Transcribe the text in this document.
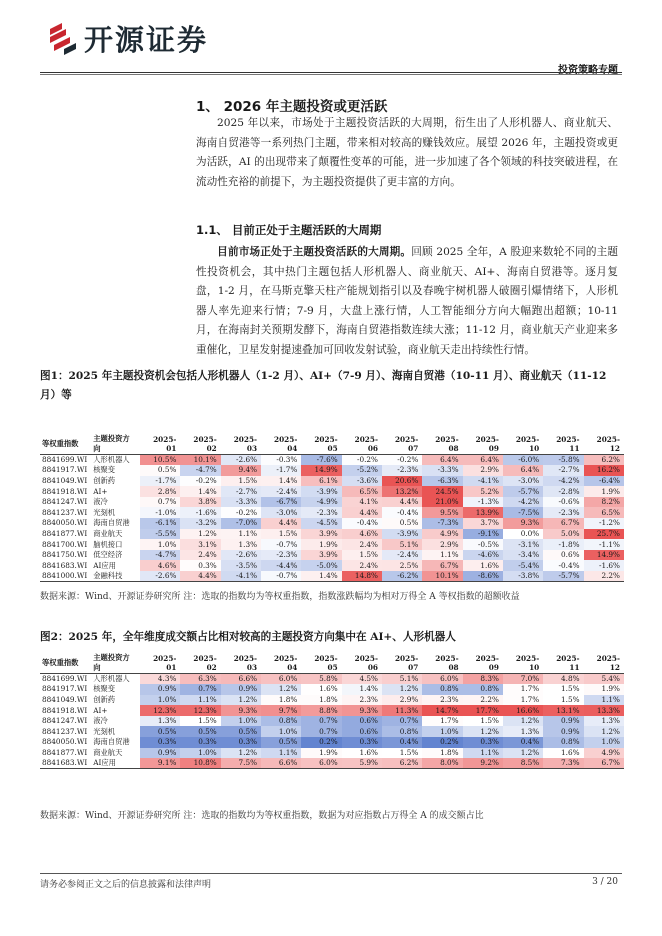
开源证券
投资策略专题
1、 2026 年主题投资或更活跃
2025 年以来，市场处于主题投资活跃的大周期，衍生出了人形机器人、商业航天、海南自贸港等一系列热门主题，带来相对较高的赚钱效应。展望 2026 年，主题投资或更为活跃，AI 的出现带来了颠覆性变革的可能，进一步加速了各个领域的科技突破进程，在流动性充裕的前提下，为主题投资提供了更丰富的方向。
1.1、 目前正处于主题活跃的大周期
目前市场正处于主题投资活跃的大周期。回顾 2025 全年，A 股迎来数轮不同的主题性投资机会，其中热门主题包括人形机器人、商业航天、AI+、海南自贸港等。逐月复盘，1-2 月，在马斯克擎天柱产能规划指引以及春晚宇树机器人破圈引爆情绪下，人形机器人率先迎来行情；7-9 月，大盘上涨行情，人工智能细分方向大幅跑出超额；10-11 月，在海南封关预期发酵下，海南自贸港指数连续大涨；11-12 月，商业航天产业迎来多重催化，卫星发射提速叠加可回收发射试验，商业航天走出持续性行情。
图1：2025 年主题投资机会包括人形机器人（1-2 月）、AI+（7-9 月）、海南自贸港（10-11 月）、商业航天（11-12 月）等
等权重指数	主题投资方向	2025-01	2025-02	2025-03	2025-04	2025-05	2025-06	2025-07	2025-08	2025-09	2025-10	2025-11	2025-12
8841699.WI	人形机器人	10.5%	10.1%	-2.6%	-0.3%	-7.6%	-0.2%	-0.2%	6.4%	6.4%	-6.0%	-5.8%	6.2%
8841917.WI	核聚变	0.5%	-4.7%	9.4%	-1.7%	14.9%	-5.2%	-2.3%	-3.3%	2.9%	6.4%	-2.7%	16.2%
8841049.WI	创新药	-1.7%	-0.2%	1.5%	1.4%	6.1%	-3.6%	20.6%	-6.3%	-4.1%	-3.0%	-4.2%	-6.4%
8841918.WI	AI+	2.8%	1.4%	-2.7%	-2.4%	-3.9%	6.5%	13.2%	24.5%	5.2%	-5.7%	-2.8%	1.9%
8841247.WI	液冷	0.7%	3.8%	-3.3%	-6.7%	-4.9%	4.1%	4.4%	21.0%	-1.3%	-4.2%	-0.6%	8.2%
8841237.WI	光刻机	-1.0%	-1.6%	-0.2%	-3.0%	-2.3%	4.4%	-0.4%	9.5%	13.9%	-7.5%	-2.3%	6.5%
8840050.WI	海南自贸港	-6.1%	-3.2%	-7.0%	4.4%	-4.5%	-0.4%	0.5%	-7.3%	3.7%	9.3%	6.7%	-1.2%
8841877.WI	商业航天	-5.5%	1.2%	1.1%	1.5%	3.9%	4.6%	-3.9%	4.9%	-9.1%	0.0%	5.0%	25.7%
8841700.WI	脑机接口	1.0%	3.1%	1.3%	-0.7%	1.9%	2.4%	5.1%	2.9%	-0.5%	-3.1%	-1.8%	-1.1%
8841750.WI	低空经济	-4.7%	2.4%	-2.6%	-2.3%	3.9%	1.5%	-2.4%	1.1%	-4.6%	-3.4%	0.6%	14.9%
8841683.WI	AI应用	4.6%	0.3%	-3.5%	-4.4%	-5.0%	2.4%	2.5%	6.7%	1.6%	-5.4%	-0.4%	-1.6%
8841000.WI	金融科技	-2.6%	4.4%	-4.1%	-0.7%	1.4%	14.8%	-6.2%	10.1%	-8.6%	-3.8%	-5.7%	2.2%
数据来源：Wind、开源证券研究所 注：选取的指数均为等权重指数，指数涨跌幅均为相对万得全 A 等权指数的超额收益
图2：2025 年，全年维度成交额占比相对较高的主题投资方向集中在 AI+、人形机器人
等权重指数	主题投资方向	2025-01	2025-02	2025-03	2025-04	2025-05	2025-06	2025-07	2025-08	2025-09	2025-10	2025-11	2025-12
8841699.WI	人形机器人	4.3%	6.3%	6.6%	6.0%	5.8%	4.5%	5.1%	6.0%	8.3%	7.0%	4.8%	5.4%
8841917.WI	核聚变	0.9%	0.7%	0.9%	1.2%	1.6%	1.4%	1.2%	0.8%	0.8%	1.7%	1.5%	1.9%
8841049.WI	创新药	1.0%	1.1%	1.2%	1.8%	1.8%	2.3%	2.9%	2.3%	2.2%	1.7%	1.5%	1.1%
8841918.WI	AI+	12.3%	12.3%	9.3%	9.7%	8.8%	9.3%	11.3%	14.7%	17.7%	16.6%	13.1%	13.3%
8841247.WI	液冷	1.3%	1.5%	1.0%	0.8%	0.7%	0.6%	0.7%	1.7%	1.5%	1.2%	0.9%	1.3%
8841237.WI	光刻机	0.5%	0.5%	0.5%	1.0%	0.7%	0.6%	0.8%	1.0%	1.2%	1.3%	0.9%	1.2%
8840050.WI	海南自贸港	0.3%	0.3%	0.3%	0.5%	0.2%	0.3%	0.4%	0.2%	0.3%	0.4%	0.8%	1.0%
8841877.WI	商业航天	0.9%	1.0%	1.2%	1.1%	1.9%	1.6%	1.5%	1.8%	1.1%	1.2%	1.6%	4.9%
8841683.WI	AI应用	9.1%	10.8%	7.5%	6.6%	6.0%	5.9%	6.2%	8.0%	9.2%	8.5%	7.3%	6.7%
数据来源：Wind、开源证券研究所 注：选取的指数均为等权重指数，数据为对应指数占万得全 A 的成交额占比
请务必参阅正文之后的信息披露和法律声明	3 / 20
